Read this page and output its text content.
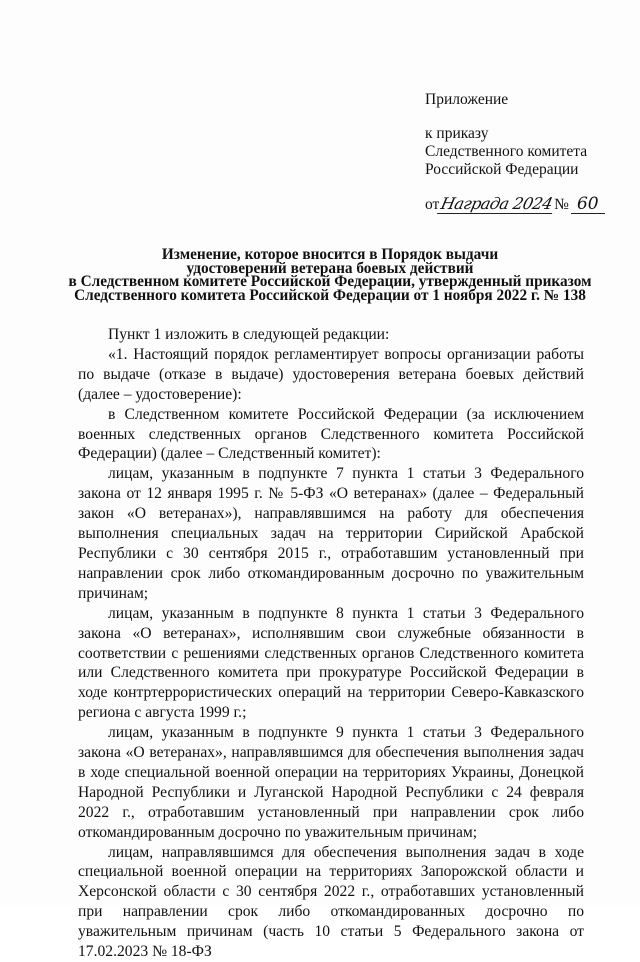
Приложение
к приказу
Следственного комитета
Российской Федерации
от Награда 2024 № 60
Изменение, которое вносится в Порядок выдачи
удостоверений ветерана боевых действий
в Следственном комитете Российской Федерации, утвержденный приказом
Следственного комитета Российской Федерации от 1 ноября 2022 г. № 138

Пункт 1 изложить в следующей редакции:

«1. Настоящий порядок регламентирует вопросы организации работы по выдаче (отказе в выдаче) удостоверения ветерана боевых действий (далее – удостоверение):

в Следственном комитете Российской Федерации (за исключением военных следственных органов Следственного комитета Российской Федерации) (далее – Следственный комитет):

лицам, указанным в подпункте 7 пункта 1 статьи 3 Федерального закона от 12 января 1995 г. № 5-ФЗ «О ветеранах» (далее – Федеральный закон «О ветеранах»), направлявшимся на работу для обеспечения выполнения специальных задач на территории Сирийской Арабской Республики с 30 сентября 2015 г., отработавшим установленный при направлении срок либо откомандированным досрочно по уважительным причинам;

лицам, указанным в подпункте 8 пункта 1 статьи 3 Федерального закона «О ветеранах», исполнявшим свои служебные обязанности в соответствии с решениями следственных органов Следственного комитета или Следственного комитета при прокуратуре Российской Федерации в ходе контртеррористических операций на территории Северо-Кавказского региона с августа 1999 г.;

лицам, указанным в подпункте 9 пункта 1 статьи 3 Федерального закона «О ветеранах», направлявшимся для обеспечения выполнения задач в ходе специальной военной операции на территориях Украины, Донецкой Народной Республики и Луганской Народной Республики с 24 февраля 2022 г., отработавшим установленный при направлении срок либо откомандированным досрочно по уважительным причинам;

лицам, направлявшимся для обеспечения выполнения задач в ходе специальной военной операции на территориях Запорожской области и Херсонской области с 30 сентября 2022 г., отработавших установленный при направлении срок либо откомандированных досрочно по уважительным причинам (часть 10 статьи 5 Федерального закона от 17.02.2023 № 18-ФЗ
